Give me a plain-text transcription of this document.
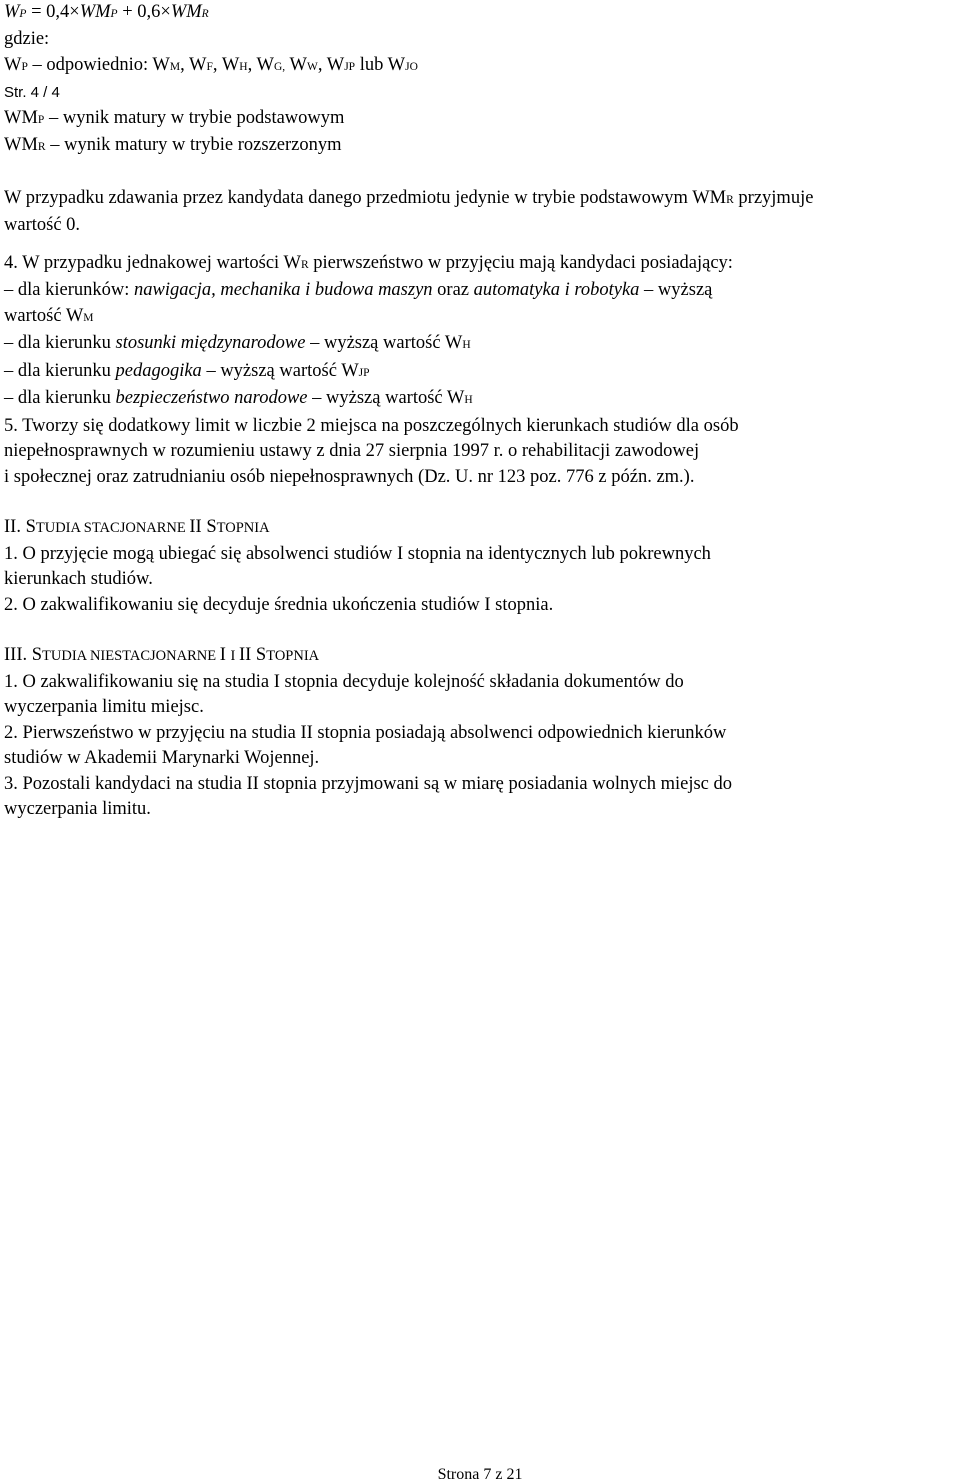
WP = 0,4×WMP + 0,6×WMR
gdzie:
WP – odpowiednio: WM, WF, WH, WG, WW, WJP lub WJO
Str. 4 / 4
WMP – wynik matury w trybie podstawowym
WMR – wynik matury w trybie rozszerzonym
W przypadku zdawania przez kandydata danego przedmiotu jedynie w trybie podstawowym WMR przyjmuje
wartość 0.
4. W przypadku jednakowej wartości WR pierwszeństwo w przyjęciu mają kandydaci posiadający:
– dla kierunków: nawigacja, mechanika i budowa maszyn oraz automatyka i robotyka – wyższą
wartość WM
– dla kierunku stosunki międzynarodowe – wyższą wartość WH
– dla kierunku pedagogika – wyższą wartość WJP
– dla kierunku bezpieczeństwo narodowe – wyższą wartość WH
5. Tworzy się dodatkowy limit w liczbie 2 miejsca na poszczególnych kierunkach studiów dla osób
niepełnosprawnych w rozumieniu ustawy z dnia 27 sierpnia 1997 r. o rehabilitacji zawodowej
i społecznej oraz zatrudnianiu osób niepełnosprawnych (Dz. U. nr 123 poz. 776 z późn. zm.).
II. STUDIA STACJONARNE II STOPNIA
1. O przyjęcie mogą ubiegać się absolwenci studiów I stopnia na identycznych lub pokrewnych
kierunkach studiów.
2. O zakwalifikowaniu się decyduje średnia ukończenia studiów I stopnia.
III. STUDIA NIESTACJONARNE I I II STOPNIA
1. O zakwalifikowaniu się na studia I stopnia decyduje kolejność składania dokumentów do
wyczerpania limitu miejsc.
2. Pierwszeństwo w przyjęciu na studia II stopnia posiadają absolwenci odpowiednich kierunków
studiów w Akademii Marynarki Wojennej.
3. Pozostali kandydaci na studia II stopnia przyjmowani są w miarę posiadania wolnych miejsc do
wyczerpania limitu.
Strona 7 z 21
